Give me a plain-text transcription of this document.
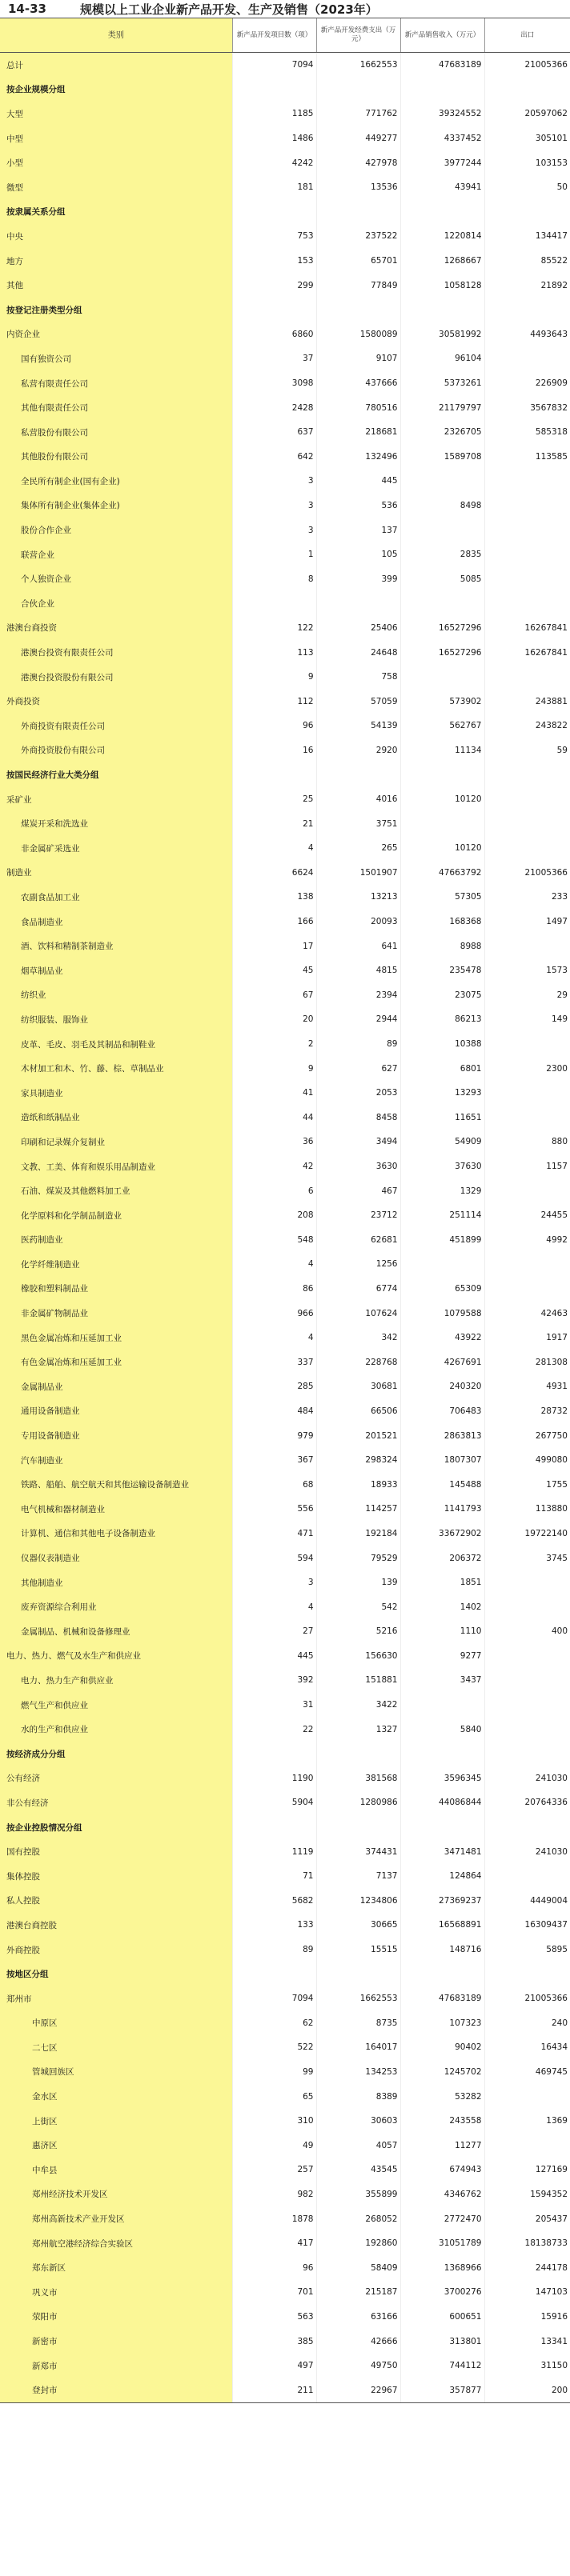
14-33	规模以上工业企业新产品开发、生产及销售（2023年）
类别	新产品开发项目数（项）	新产品开发经费支出（万元）	新产品销售收入（万元）	出口
总计	7094	1662553	47683189	21005366
按企业规模分组				
大型	1185	771762	39324552	20597062
中型	1486	449277	4337452	305101
小型	4242	427978	3977244	103153
微型	181	13536	43941	50
按隶属关系分组				
中央	753	237522	1220814	134417
地方	153	65701	1268667	85522
其他	299	77849	1058128	21892
按登记注册类型分组				
内资企业	6860	1580089	30581992	4493643
国有独资公司	37	9107	96104	
私营有限责任公司	3098	437666	5373261	226909
其他有限责任公司	2428	780516	21179797	3567832
私营股份有限公司	637	218681	2326705	585318
其他股份有限公司	642	132496	1589708	113585
全民所有制企业(国有企业)	3	445		
集体所有制企业(集体企业)	3	536	8498	
股份合作企业	3	137		
联营企业	1	105	2835	
个人独资企业	8	399	5085	
合伙企业				
港澳台商投资	122	25406	16527296	16267841
港澳台投资有限责任公司	113	24648	16527296	16267841
港澳台投资股份有限公司	9	758		
外商投资	112	57059	573902	243881
外商投资有限责任公司	96	54139	562767	243822
外商投资股份有限公司	16	2920	11134	59
按国民经济行业大类分组				
采矿业	25	4016	10120	
煤炭开采和洗选业	21	3751		
非金属矿采选业	4	265	10120	
制造业	6624	1501907	47663792	21005366
农副食品加工业	138	13213	57305	233
食品制造业	166	20093	168368	1497
酒、饮料和精制茶制造业	17	641	8988	
烟草制品业	45	4815	235478	1573
纺织业	67	2394	23075	29
纺织服装、服饰业	20	2944	86213	149
皮革、毛皮、羽毛及其制品和制鞋业	2	89	10388	
木材加工和木、竹、藤、棕、草制品业	9	627	6801	2300
家具制造业	41	2053	13293	
造纸和纸制品业	44	8458	11651	
印刷和记录媒介复制业	36	3494	54909	880
文教、工美、体育和娱乐用品制造业	42	3630	37630	1157
石油、煤炭及其他燃料加工业	6	467	1329	
化学原料和化学制品制造业	208	23712	251114	24455
医药制造业	548	62681	451899	4992
化学纤维制造业	4	1256		
橡胶和塑料制品业	86	6774	65309	
非金属矿物制品业	966	107624	1079588	42463
黑色金属冶炼和压延加工业	4	342	43922	1917
有色金属冶炼和压延加工业	337	228768	4267691	281308
金属制品业	285	30681	240320	4931
通用设备制造业	484	66506	706483	28732
专用设备制造业	979	201521	2863813	267750
汽车制造业	367	298324	1807307	499080
铁路、船舶、航空航天和其他运输设备制造业	68	18933	145488	1755
电气机械和器材制造业	556	114257	1141793	113880
计算机、通信和其他电子设备制造业	471	192184	33672902	19722140
仪器仪表制造业	594	79529	206372	3745
其他制造业	3	139	1851	
废弃资源综合利用业	4	542	1402	
金属制品、机械和设备修理业	27	5216	1110	400
电力、热力、燃气及水生产和供应业	445	156630	9277	
电力、热力生产和供应业	392	151881	3437	
燃气生产和供应业	31	3422		
水的生产和供应业	22	1327	5840	
按经济成分分组				
公有经济	1190	381568	3596345	241030
非公有经济	5904	1280986	44086844	20764336
按企业控股情况分组				
国有控股	1119	374431	3471481	241030
集体控股	71	7137	124864	
私人控股	5682	1234806	27369237	4449004
港澳台商控股	133	30665	16568891	16309437
外商控股	89	15515	148716	5895
按地区分组				
郑州市	7094	1662553	47683189	21005366
中原区	62	8735	107323	240
二七区	522	164017	90402	16434
管城回族区	99	134253	1245702	469745
金水区	65	8389	53282	
上街区	310	30603	243558	1369
惠济区	49	4057	11277	
中牟县	257	43545	674943	127169
郑州经济技术开发区	982	355899	4346762	1594352
郑州高新技术产业开发区	1878	268052	2772470	205437
郑州航空港经济综合实验区	417	192860	31051789	18138733
郑东新区	96	58409	1368966	244178
巩义市	701	215187	3700276	147103
荥阳市	563	63166	600651	15916
新密市	385	42666	313801	13341
新郑市	497	49750	744112	31150
登封市	211	22967	357877	200
